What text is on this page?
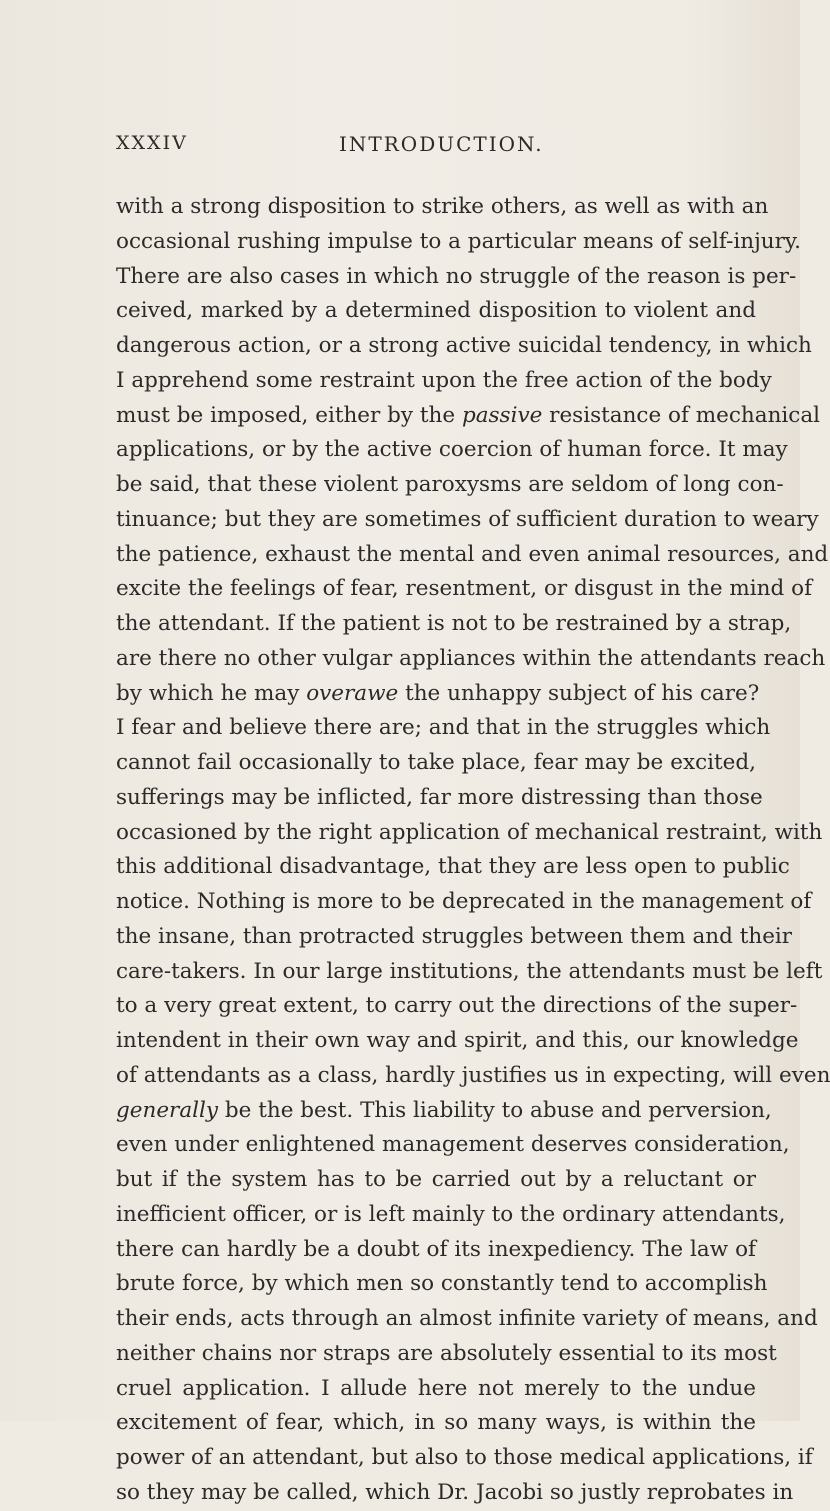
XXXIV	INTRODUCTION.
with a strong disposition to strike others, as well as with an
occasional rushing impulse to a particular means of self-injury.
There are also cases in which no struggle of the reason is per-
ceived, marked by a determined disposition to violent and
dangerous action, or a strong active suicidal tendency, in which
I apprehend some restraint upon the free action of the body
must be imposed, either by the passive resistance of mechanical
applications, or by the active coercion of human force. It may
be said, that these violent paroxysms are seldom of long con-
tinuance; but they are sometimes of sufficient duration to weary
the patience, exhaust the mental and even animal resources, and
excite the feelings of fear, resentment, or disgust in the mind of
the attendant. If the patient is not to be restrained by a strap,
are there no other vulgar appliances within the attendants reach
by which he may overawe the unhappy subject of his care?
I fear and believe there are; and that in the struggles which
cannot fail occasionally to take place, fear may be excited,
sufferings may be inflicted, far more distressing than those
occasioned by the right application of mechanical restraint, with
this additional disadvantage, that they are less open to public
notice. Nothing is more to be deprecated in the management of
the insane, than protracted struggles between them and their
care-takers. In our large institutions, the attendants must be left
to a very great extent, to carry out the directions of the super-
intendent in their own way and spirit, and this, our knowledge
of attendants as a class, hardly justifies us in expecting, will even
generally be the best. This liability to abuse and perversion,
even under enlightened management deserves consideration,
but if the system has to be carried out by a reluctant or
inefficient officer, or is left mainly to the ordinary attendants,
there can hardly be a doubt of its inexpediency. The law of
brute force, by which men so constantly tend to accomplish
their ends, acts through an almost infinite variety of means, and
neither chains nor straps are absolutely essential to its most
cruel application. I allude here not merely to the undue
excitement of fear, which, in so many ways, is within the
power of an attendant, but also to those medical applications, if
so they may be called, which Dr. Jacobi so justly reprobates in
